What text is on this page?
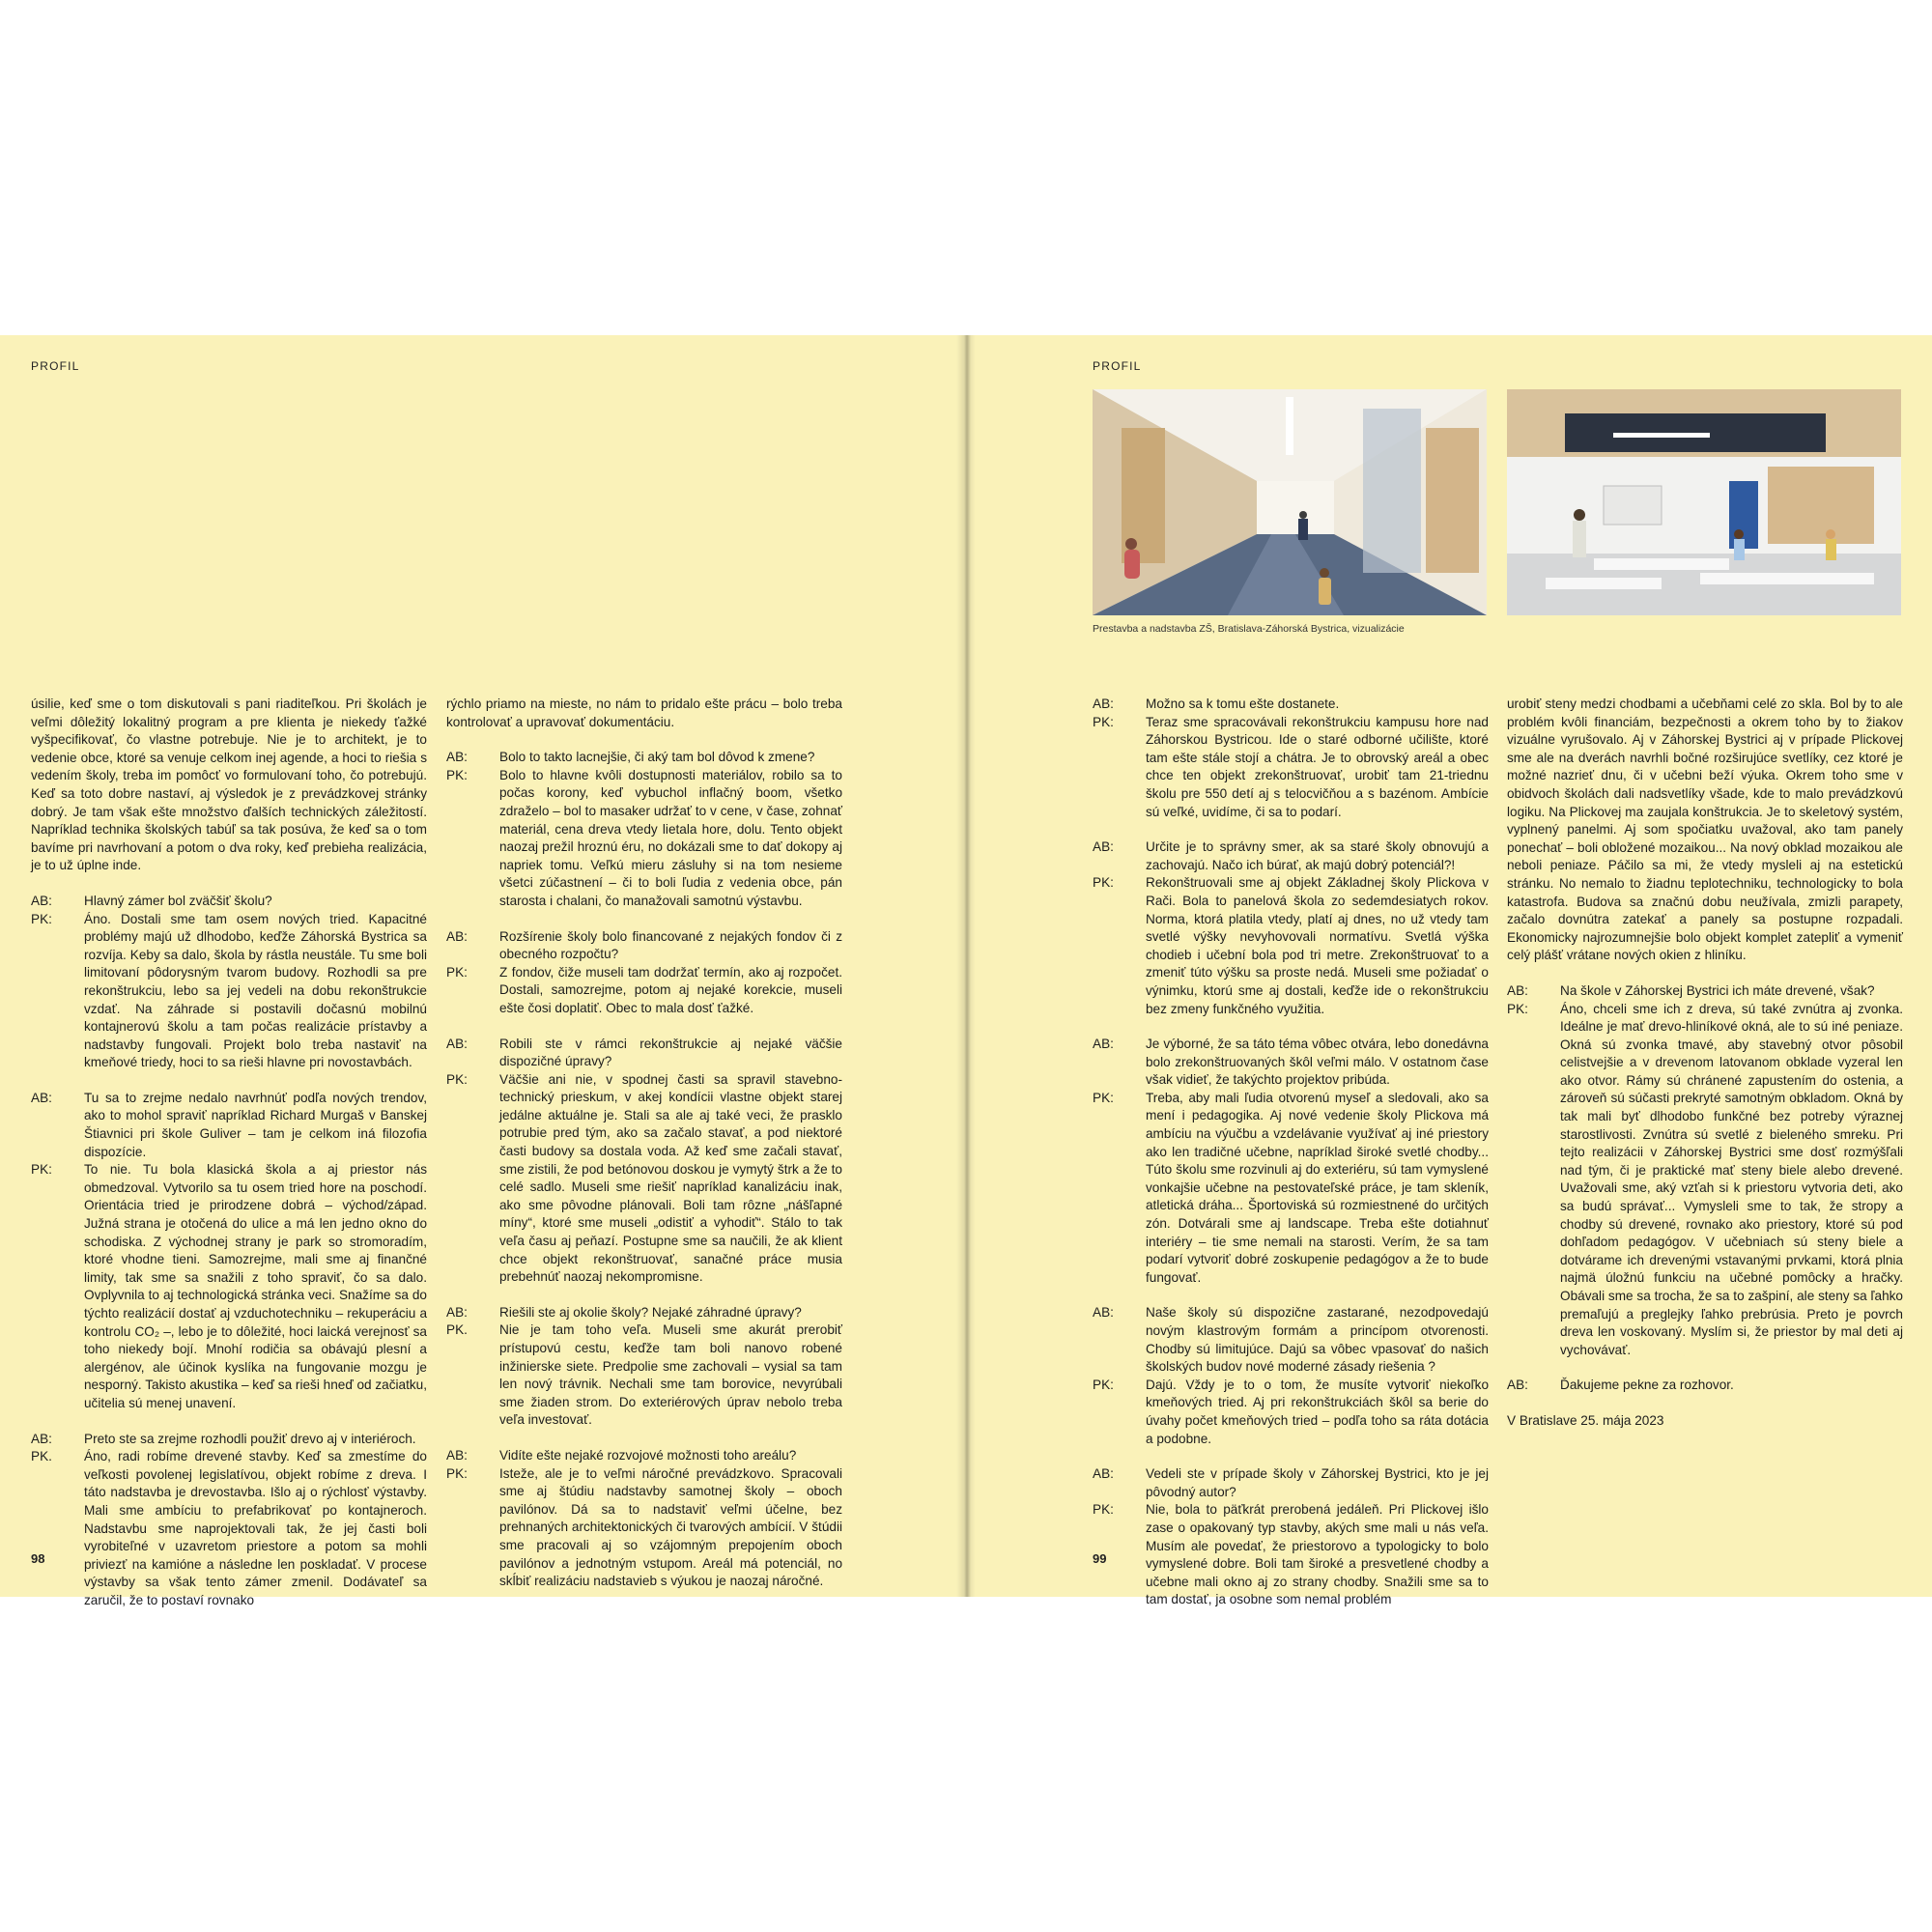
PROFIL

úsilie, keď sme o tom diskutovali s pani riaditeľkou. Pri školách je veľmi dôležitý lokalitný program a pre klienta je niekedy ťažké vyšpecifikovať, čo vlastne potrebuje. Nie je to architekt, je to vedenie obce, ktoré sa venuje celkom inej agende, a hoci to riešia s vedením školy, treba im pomôcť vo formulovaní toho, čo potrebujú. Keď sa toto dobre nastaví, aj výsledok je z prevádzkovej stránky dobrý. Je tam však ešte množstvo ďalších technických záležitostí. Napríklad technika školských tabúľ sa tak posúva, že keď sa o tom bavíme pri navrhovaní a potom o dva roky, keď prebieha realizácia, je to už úplne inde.

AB:	Hlavný zámer bol zväčšiť školu?
PK:	Áno. Dostali sme tam osem nových tried. Kapacitné problémy majú už dlhodobo, keďže Záhorská Bystrica sa rozvíja. Keby sa dalo, škola by rástla neustále. Tu sme boli limitovaní pôdorysným tvarom budovy. Rozhodli sa pre rekonštrukciu, lebo sa jej vedeli na dobu rekonštrukcie vzdať. Na záhrade si postavili dočasnú mobilnú kontajnerovú školu a tam počas realizácie prístavby a nadstavby fungovali. Projekt bolo treba nastaviť na kmeňové triedy, hoci to sa rieši hlavne pri novostavbách.
AB:	Tu sa to zrejme nedalo navrhnúť podľa nových trendov, ako to mohol spraviť napríklad Richard Murgaš v Banskej Štiavnici pri škole Guliver – tam je celkom iná filozofia dispozície.
PK:	To nie. Tu bola klasická škola a aj priestor nás obmedzoval. Vytvorilo sa tu osem tried hore na poschodí. Orientácia tried je prirodzene dobrá – východ/západ. Južná strana je otočená do ulice a má len jedno okno do schodiska. Z východnej strany je park so stromoradím, ktoré vhodne tieni. Samozrejme, mali sme aj finančné limity, tak sme sa snažili z toho spraviť, čo sa dalo. Ovplyvnila to aj technologická stránka veci. Snažíme sa do týchto realizácií dostať aj vzduchotechniku – rekuperáciu a kontrolu CO₂ –, lebo je to dôležité, hoci laická verejnosť sa toho niekedy bojí. Mnohí rodičia sa obávajú plesní a alergénov, ale účinok kyslíka na fungovanie mozgu je nesporný. Takisto akustika – keď sa rieši hneď od začiatku, učitelia sú menej unavení.
AB:	Preto ste sa zrejme rozhodli použiť drevo aj v interiéroch.
PK.	Áno, radi robíme drevené stavby. Keď sa zmestíme do veľkosti povolenej legislatívou, objekt robíme z dreva. I táto nadstavba je drevostavba. Išlo aj o rýchlosť výstavby. Mali sme ambíciu to prefabrikovať po kontajneroch. Nadstavbu sme naprojektovali tak, že jej časti boli vyrobiteľné v uzavretom priestore a potom sa mohli priviezť na kamióne a následne len poskladať. V procese výstavby sa však tento zámer zmenil. Dodávateľ sa zaručil, že to postaví rovnako

rýchlo priamo na mieste, no nám to pridalo ešte prácu – bolo treba kontrolovať a upravovať dokumentáciu.

AB:	Bolo to takto lacnejšie, či aký tam bol dôvod k zmene?
PK:	Bolo to hlavne kvôli dostupnosti materiálov, robilo sa to počas korony, keď vybuchol inflačný boom, všetko zdraželo – bol to masaker udržať to v cene, v čase, zohnať materiál, cena dreva vtedy lietala hore, dolu. Tento objekt naozaj prežil hroznú éru, no dokázali sme to dať dokopy aj napriek tomu. Veľkú mieru zásluhy si na tom nesieme všetci zúčastnení – či to boli ľudia z vedenia obce, pán starosta i chalani, čo manažovali samotnú výstavbu.
AB:	Rozšírenie školy bolo financované z nejakých fondov či z obecného rozpočtu?
PK:	Z fondov, čiže museli tam dodržať termín, ako aj rozpočet. Dostali, samozrejme, potom aj nejaké korekcie, museli ešte čosi doplatiť. Obec to mala dosť ťažké.
AB:	Robili ste v rámci rekonštrukcie aj nejaké väčšie dispozičné úpravy?
PK:	Väčšie ani nie, v spodnej časti sa spravil stavebno-technický prieskum, v akej kondícii vlastne objekt starej jedálne aktuálne je. Stali sa ale aj také veci, že prasklo potrubie pred tým, ako sa začalo stavať, a pod niektoré časti budovy sa dostala voda. Až keď sme začali stavať, sme zistili, že pod betónovou doskou je vymytý štrk a že to celé sadlo. Museli sme riešiť napríklad kanalizáciu inak, ako sme pôvodne plánovali. Boli tam rôzne „nášľapné míny“, ktoré sme museli „odistiť a vyhodiť“. Stálo to tak veľa času aj peňazí. Postupne sme sa naučili, že ak klient chce objekt rekonštruovať, sanačné práce musia prebehnúť naozaj nekompromisne.
AB:	Riešili ste aj okolie školy? Nejaké záhradné úpravy?
PK.	Nie je tam toho veľa. Museli sme akurát prerobiť prístupovú cestu, keďže tam boli nanovo robené inžinierske siete. Predpolie sme zachovali – vysial sa tam len nový trávnik. Nechali sme tam borovice, nevyrúbali sme žiaden strom. Do exteriérových úprav nebolo treba veľa investovať.
AB:	Vidíte ešte nejaké rozvojové možnosti toho areálu?
PK:	Isteže, ale je to veľmi náročné prevádzkovo. Spracovali sme aj štúdiu nadstavby samotnej školy – oboch pavilónov. Dá sa to nadstaviť veľmi účelne, bez prehnaných architektonických či tvarových ambícií. V štúdii sme pracovali aj so vzájomným prepojením oboch pavilónov a jednotným vstupom. Areál má potenciál, no skĺbiť realizáciu nadstavieb s výukou je naozaj náročné.
98
PROFIL
Prestavba a nadstavba ZŠ, Bratislava-Záhorská Bystrica, vizualizácie
AB:	Možno sa k tomu ešte dostanete.
PK:	Teraz sme spracovávali rekonštrukciu kampusu hore nad Záhorskou Bystricou. Ide o staré odborné učilište, ktoré tam ešte stále stojí a chátra. Je to obrovský areál a obec chce ten objekt zrekonštruovať, urobiť tam 21-triednu školu pre 550 detí aj s telocvičňou a s bazénom. Ambície sú veľké, uvidíme, či sa to podarí.
AB:	Určite je to správny smer, ak sa staré školy obnovujú a zachovajú. Načo ich búrať, ak majú dobrý potenciál?!
PK:	Rekonštruovali sme aj objekt Základnej školy Plickova v Rači. Bola to panelová škola zo sedemdesiatych rokov. Norma, ktorá platila vtedy, platí aj dnes, no už vtedy tam svetlé výšky nevyhovovali normatívu. Svetlá výška chodieb i učební bola pod tri metre. Zrekonštruovať to a zmeniť túto výšku sa proste nedá. Museli sme požiadať o výnimku, ktorú sme aj dostali, keďže ide o rekonštrukciu bez zmeny funkčného využitia.
AB:	Je výborné, že sa táto téma vôbec otvára, lebo donedávna bolo zrekonštruovaných škôl veľmi málo. V ostatnom čase však vidieť, že takýchto projektov pribúda.
PK:	Treba, aby mali ľudia otvorenú myseľ a sledovali, ako sa mení i pedagogika. Aj nové vedenie školy Plickova má ambíciu na výučbu a vzdelávanie využívať aj iné priestory ako len tradičné učebne, napríklad široké svetlé chodby... Túto školu sme rozvinuli aj do exteriéru, sú tam vymyslené vonkajšie učebne na pestovateľské práce, je tam skleník, atletická dráha... Športoviská sú rozmiestnené do určitých zón. Dotvárali sme aj landscape. Treba ešte dotiahnuť interiéry – tie sme nemali na starosti. Verím, že sa tam podarí vytvoriť dobré zoskupenie pedagógov a že to bude fungovať.
AB:	Naše školy sú dispozične zastarané, nezodpovedajú novým klastrovým formám a princípom otvorenosti. Chodby sú limitujúce. Dajú sa vôbec vpasovať do našich školských budov nové moderné zásady riešenia ?
PK:	Dajú. Vždy je to o tom, že musíte vytvoriť niekoľko kmeňových tried. Aj pri rekonštrukciách škôl sa berie do úvahy počet kmeňových tried – podľa toho sa ráta dotácia a podobne.
AB:	Vedeli ste v prípade školy v Záhorskej Bystrici, kto je jej pôvodný autor?
PK:	Nie, bola to päťkrát prerobená jedáleň. Pri Plickovej išlo zase o opakovaný typ stavby, akých sme mali u nás veľa. Musím ale povedať, že priestorovo a typologicky to bolo vymyslené dobre. Boli tam široké a presvetlené chodby a učebne mali okno aj zo strany chodby. Snažili sme sa to tam dostať, ja osobne som nemal problém

urobiť steny medzi chodbami a učebňami celé zo skla. Bol by to ale problém kvôli financiám, bezpečnosti a okrem toho by to žiakov vizuálne vyrušovalo. Aj v Záhorskej Bystrici aj v prípade Plickovej sme ale na dverách navrhli bočné rozširujúce svetlíky, cez ktoré je možné nazrieť dnu, či v učebni beží výuka. Okrem toho sme v obidvoch školách dali nadsvetlíky všade, kde to malo prevádzkovú logiku. Na Plickovej ma zaujala konštrukcia. Je to skeletový systém, vyplnený panelmi. Aj som spočiatku uvažoval, ako tam panely ponechať – boli obložené mozaikou... Na nový obklad mozaikou ale neboli peniaze. Páčilo sa mi, že vtedy mysleli aj na estetickú stránku. No nemalo to žiadnu teplotechniku, technologicky to bola katastrofa. Budova sa značnú dobu neužívala, zmizli parapety, začalo dovnútra zatekať a panely sa postupne rozpadali. Ekonomicky najrozumnejšie bolo objekt komplet zatepliť a vymeniť celý plášť vrátane nových okien z hliníku.

AB:	Na škole v Záhorskej Bystrici ich máte drevené, však?
PK:	Áno, chceli sme ich z dreva, sú také zvnútra aj zvonka. Ideálne je mať drevo-hliníkové okná, ale to sú iné peniaze. Okná sú zvonka tmavé, aby stavebný otvor pôsobil celistvejšie a v drevenom latovanom obklade vyzeral len ako otvor. Rámy sú chránené zapustením do ostenia, a zároveň sú súčasti prekryté samotným obkladom. Okná by tak mali byť dlhodobo funkčné bez potreby výraznej starostlivosti. Zvnútra sú svetlé z bieleného smreku. Pri tejto realizácii v Záhorskej Bystrici sme dosť rozmýšľali nad tým, či je praktické mať steny biele alebo drevené. Uvažovali sme, aký vzťah si k priestoru vytvoria deti, ako sa budú správať... Vymysleli sme to tak, že stropy a chodby sú drevené, rovnako ako priestory, ktoré sú pod dohľadom pedagógov. V učebniach sú steny biele a dotvárame ich drevenými vstavanými prvkami, ktorá plnia najmä úložnú funkciu na učebné pomôcky a hračky. Obávali sme sa trocha, že sa to zašpiní, ale steny sa ľahko premaľujú a preglejky ľahko prebrúsia. Preto je povrch dreva len voskovaný. Myslím si, že priestor by mal deti aj vychovávať.
AB:	Ďakujeme pekne za rozhovor.

V Bratislave 25. mája 2023

99
